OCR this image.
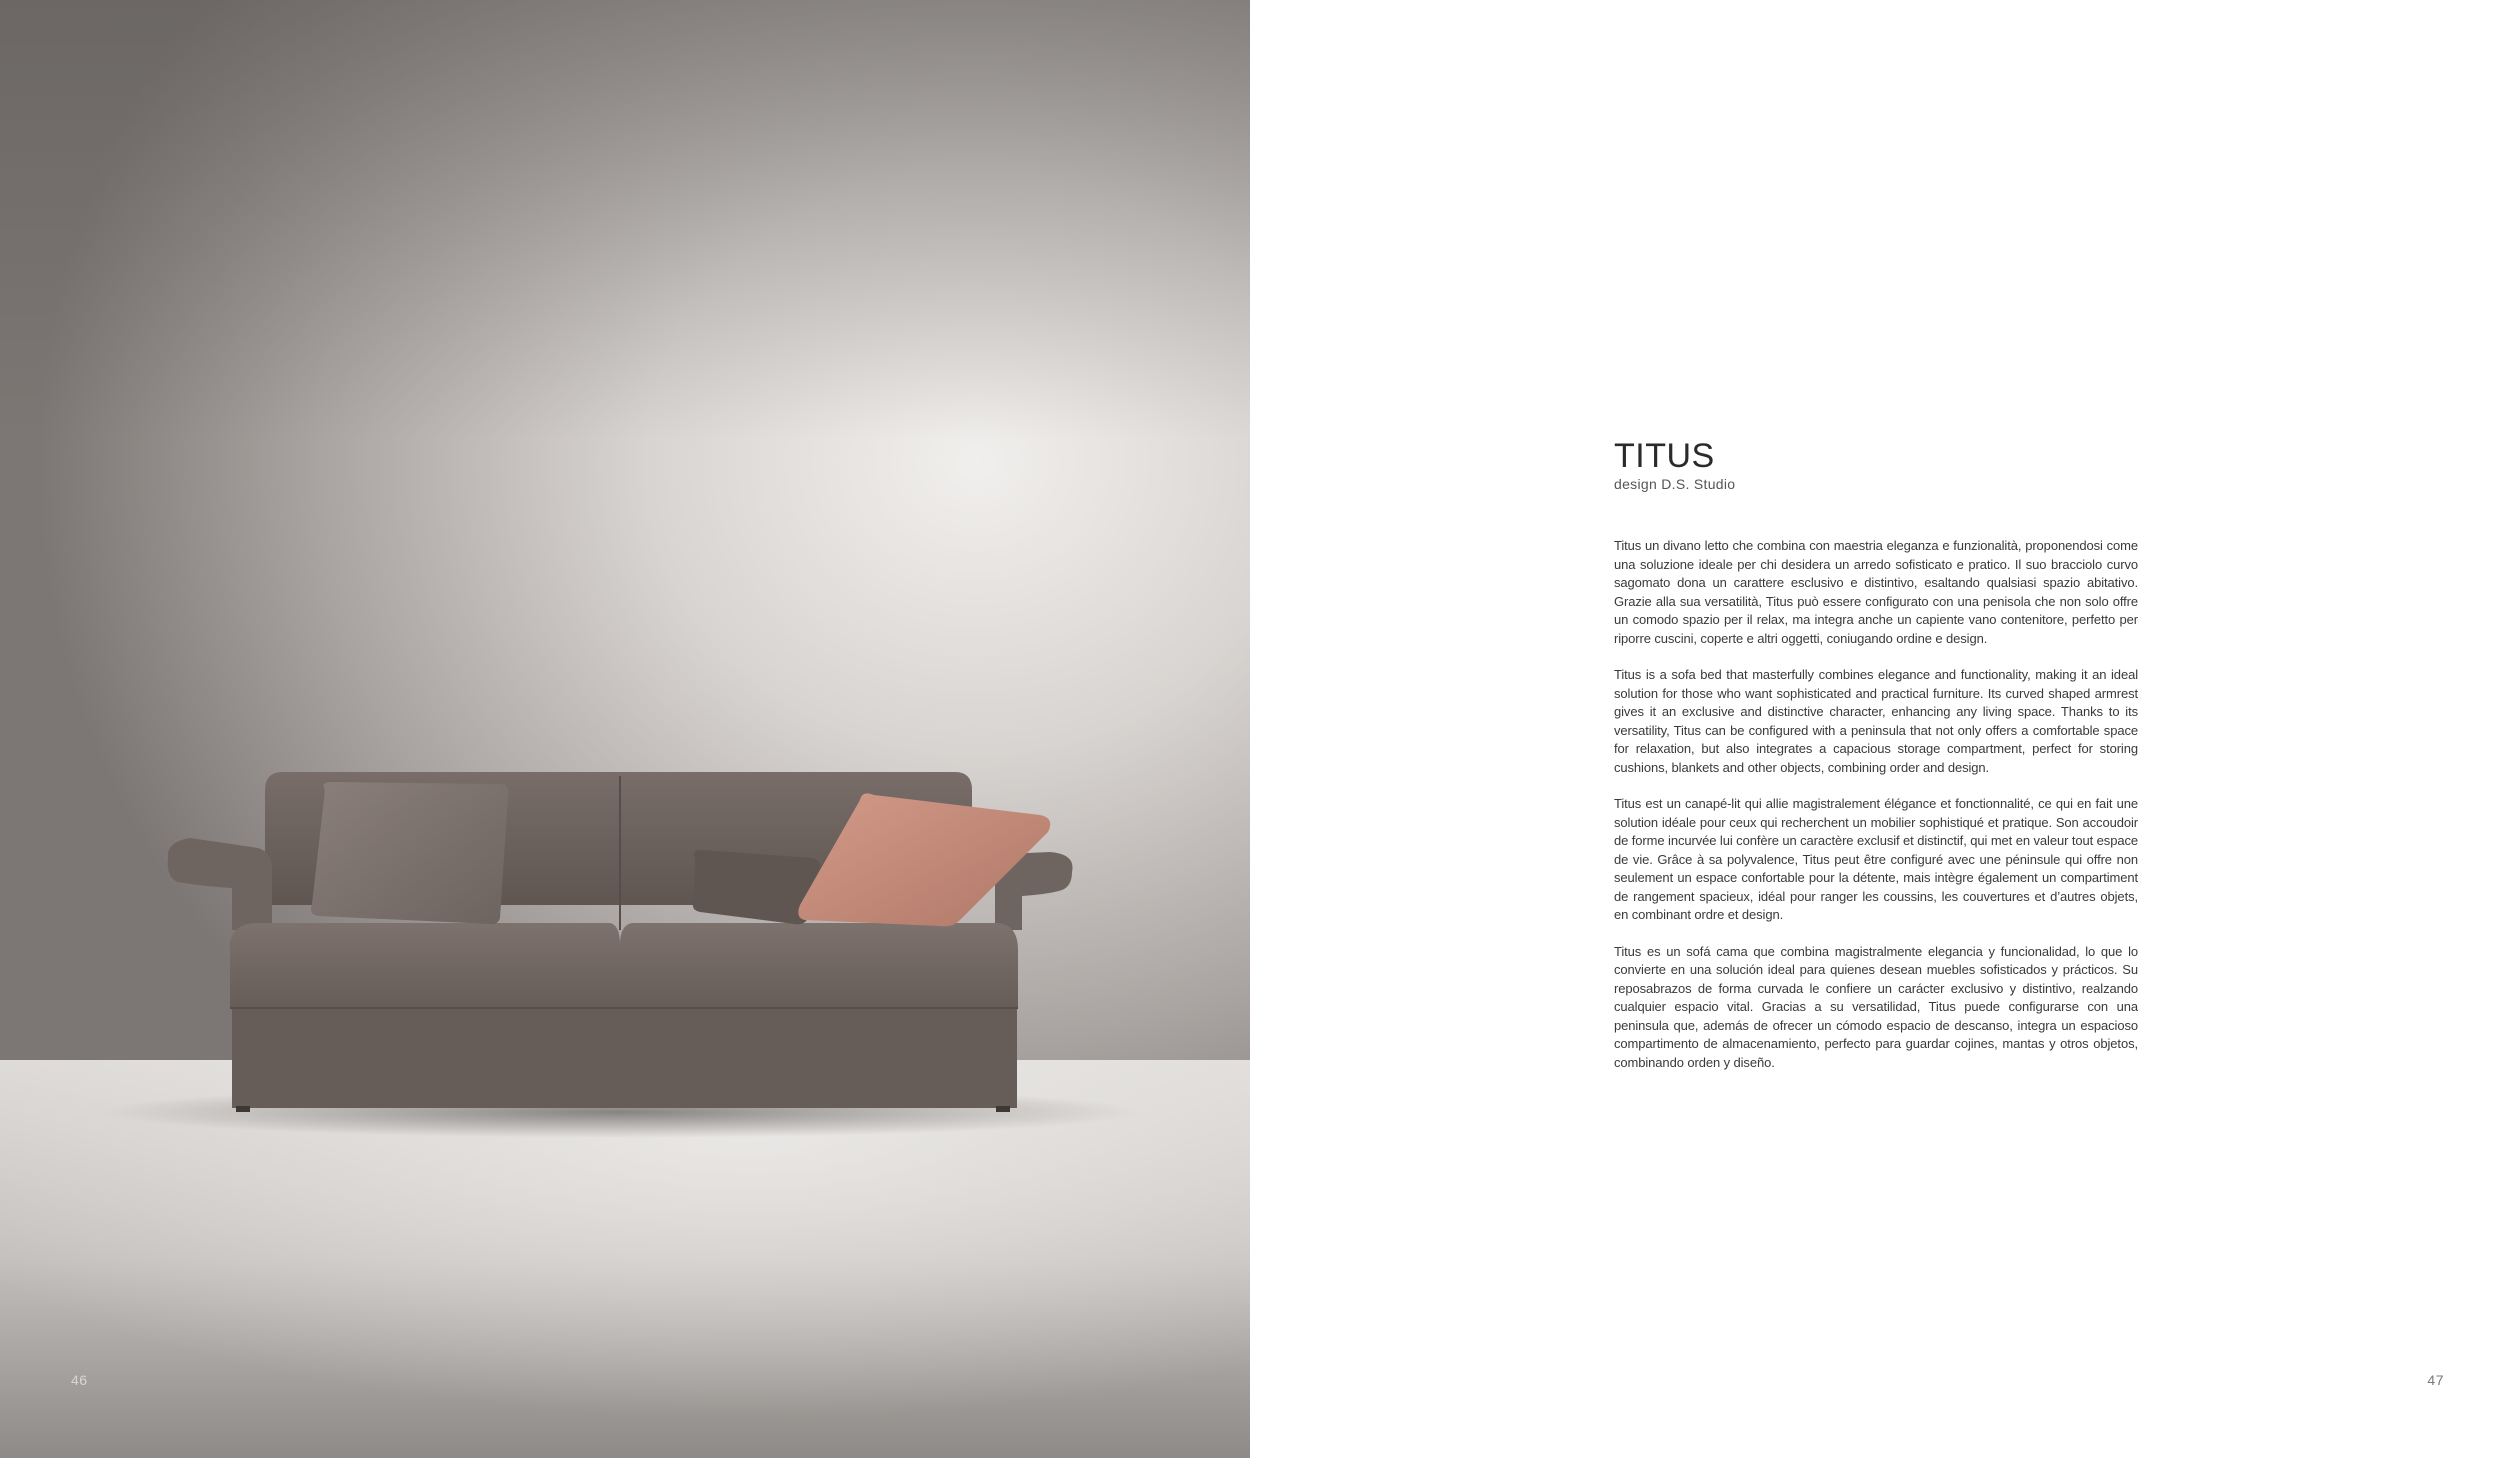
46
TITUS
design D.S. Studio

Titus un divano letto che combina con maestria eleganza e funzionalità, proponendosi come una soluzione ideale per chi desidera un arredo sofisticato e pratico. Il suo bracciolo curvo sagomato dona un carattere esclusivo e distintivo, esaltando qualsiasi spazio abitativo. Grazie alla sua versatilità, Titus può essere configurato con una penisola che non solo offre un comodo spazio per il relax, ma integra anche un capiente vano contenitore, perfetto per riporre cuscini, coperte e altri oggetti, coniugando ordine e design.

Titus is a sofa bed that masterfully combines elegance and functionality, making it an ideal solution for those who want sophisticated and practical furniture. Its curved shaped armrest gives it an exclusive and distinctive character, enhancing any living space. Thanks to its versatility, Titus can be configured with a peninsula that not only offers a comfortable space for relaxation, but also integrates a capacious storage compartment, perfect for storing cushions, blankets and other objects, combining order and design.

Titus est un canapé-lit qui allie magistralement élégance et fonctionnalité, ce qui en fait une solution idéale pour ceux qui recherchent un mobilier sophistiqué et pratique. Son accoudoir de forme incurvée lui confère un caractère exclusif et distinctif, qui met en valeur tout espace de vie. Grâce à sa polyvalence, Titus peut être configuré avec une péninsule qui offre non seulement un espace confortable pour la détente, mais intègre également un compartiment de rangement spacieux, idéal pour ranger les coussins, les couvertures et d’autres objets, en combinant ordre et design.

Titus es un sofá cama que combina magistralmente elegancia y funcionalidad, lo que lo convierte en una solución ideal para quienes desean muebles sofisticados y prácticos. Su reposabrazos de forma curvada le confiere un carácter exclusivo y distintivo, realzando cualquier espacio vital. Gracias a su versatilidad, Titus puede configurarse con una peninsula que, además de ofrecer un cómodo espacio de descanso, integra un espacioso compartimento de almacenamiento, perfecto para guardar cojines, mantas y otros objetos, combinando orden y diseño.

47
